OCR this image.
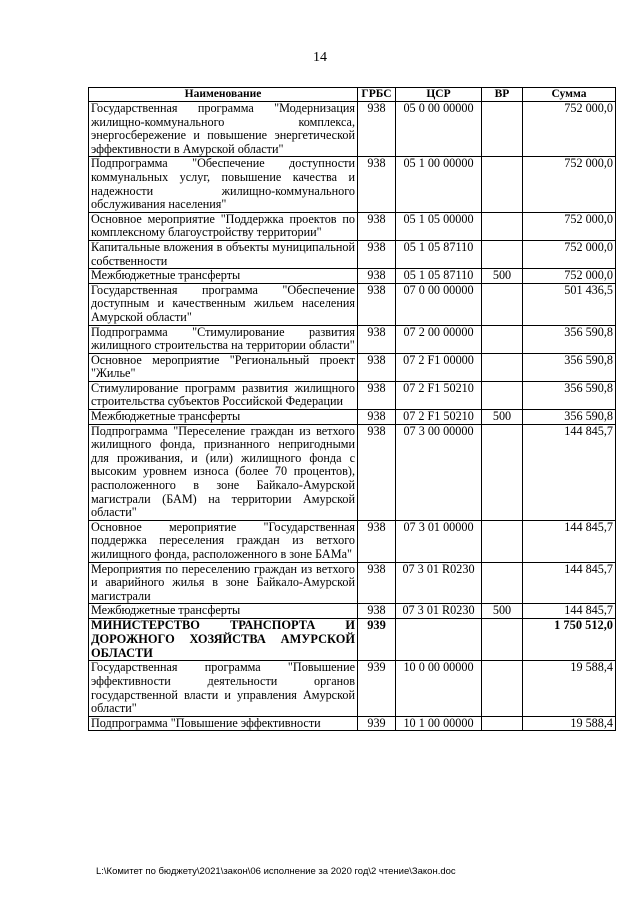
14
Наименование	ГРБС	ЦСР	ВР	Сумма
Государственная программа "Модернизация жилищно-коммунального комплекса, энергосбережение и повышение энергетической эффективности в Амурской области"	938	05 0 00 00000		752 000,0
Подпрограмма "Обеспечение доступности коммунальных услуг, повышение качества и надежности жилищно-коммунального обслуживания населения"	938	05 1 00 00000		752 000,0
Основное мероприятие "Поддержка проектов по комплексному благоустройству территории"	938	05 1 05 00000		752 000,0
Капитальные вложения в объекты муниципальной собственности	938	05 1 05 87110		752 000,0
Межбюджетные трансферты	938	05 1 05 87110	500	752 000,0
Государственная программа "Обеспечение доступным и качественным жильем населения Амурской области"	938	07 0 00 00000		501 436,5
Подпрограмма "Стимулирование развития жилищного строительства на территории области"	938	07 2 00 00000		356 590,8
Основное мероприятие "Региональный проект "Жилье"	938	07 2 F1 00000		356 590,8
Стимулирование программ развития жилищного строительства субъектов Российской Федерации	938	07 2 F1 50210		356 590,8
Межбюджетные трансферты	938	07 2 F1 50210	500	356 590,8
Подпрограмма "Переселение граждан из ветхого жилищного фонда, признанного непригодными для проживания, и (или) жилищного фонда с высоким уровнем износа (более 70 процентов), расположенного в зоне Байкало-Амурской магистрали (БАМ) на территории Амурской области"	938	07 3 00 00000		144 845,7
Основное мероприятие "Государственная поддержка переселения граждан из ветхого жилищного фонда, расположенного в зоне БАМа"	938	07 3 01 00000		144 845,7
Мероприятия по переселению граждан из ветхого и аварийного жилья в зоне Байкало-Амурской магистрали	938	07 3 01 R0230		144 845,7
Межбюджетные трансферты	938	07 3 01 R0230	500	144 845,7
МИНИСТЕРСТВО ТРАНСПОРТА И ДОРОЖНОГО ХОЗЯЙСТВА АМУРСКОЙ ОБЛАСТИ	939			1 750 512,0
Государственная программа "Повышение эффективности деятельности органов государственной власти и управления Амурской области"	939	10 0 00 00000		19 588,4
Подпрограмма "Повышение эффективности	939	10 1 00 00000		19 588,4
L:\Комитет по бюджету\2021\закон\06 исполнение за 2020 год\2 чтение\Закон.doc
